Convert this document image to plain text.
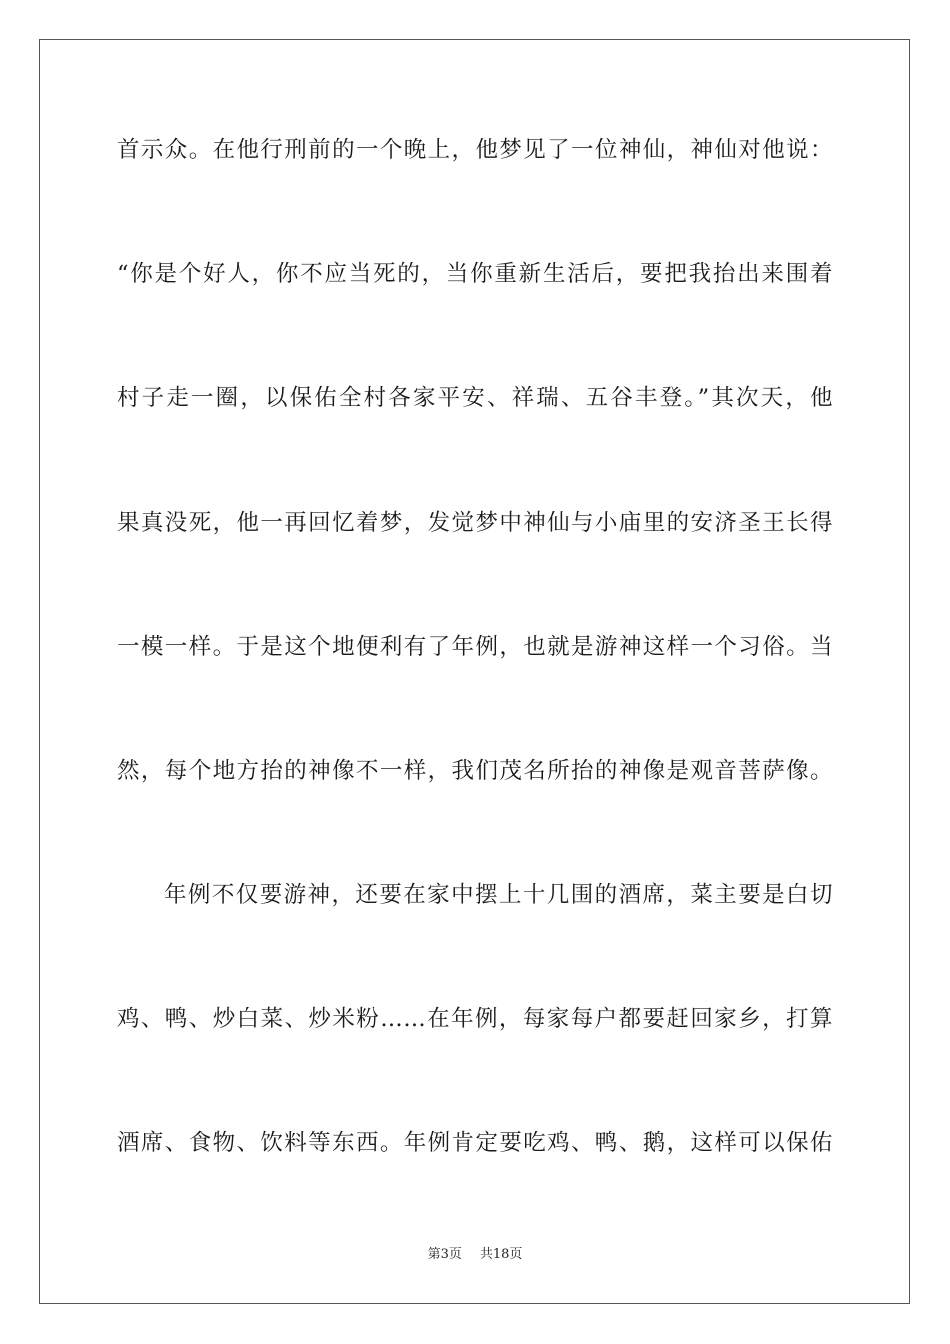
首示众。在他行刑前的一个晚上，他梦见了一位神仙，神仙对他说：
“你是个好人，你不应当死的，当你重新生活后，要把我抬出来围着
村子走一圈，以保佑全村各家平安、祥瑞、五谷丰登。”其次天，他
果真没死，他一再回忆着梦，发觉梦中神仙与小庙里的安济圣王长得
一模一样。于是这个地便利有了年例，也就是游神这样一个习俗。当
然，每个地方抬的神像不一样，我们茂名所抬的神像是观音菩萨像。
年例不仅要游神，还要在家中摆上十几围的酒席，菜主要是白切
鸡、鸭、炒白菜、炒米粉……在年例，每家每户都要赶回家乡，打算
酒席、食物、饮料等东西。年例肯定要吃鸡、鸭、鹅，这样可以保佑
第3页 共18页
